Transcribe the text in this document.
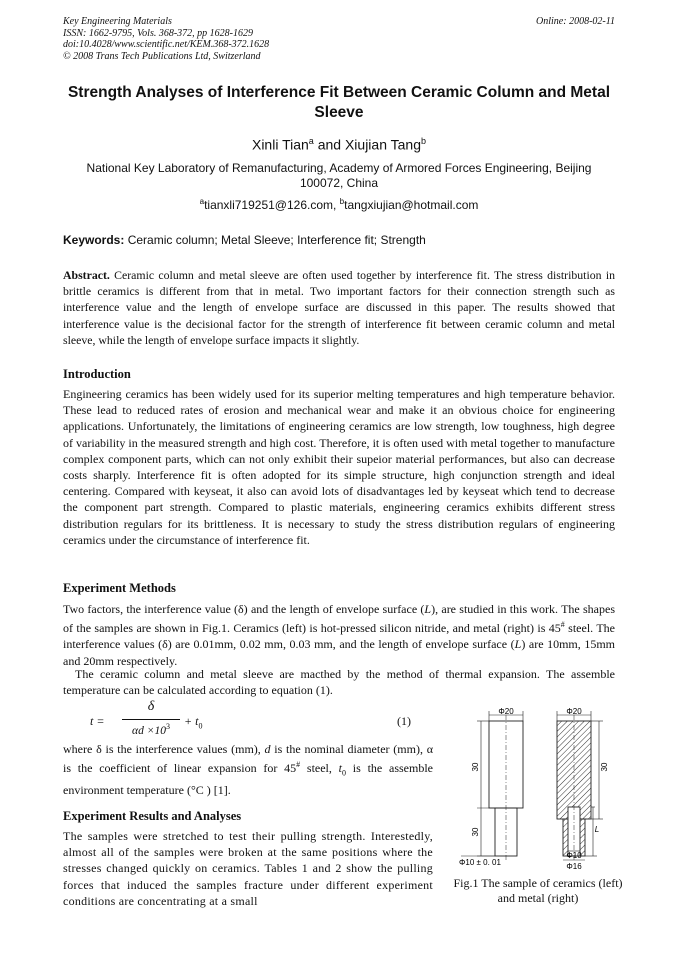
Key Engineering Materials
ISSN: 1662-9795, Vols. 368-372, pp 1628-1629
doi:10.4028/www.scientific.net/KEM.368-372.1628
© 2008 Trans Tech Publications Ltd, Switzerland
Online: 2008-02-11
Strength Analyses of Interference Fit Between Ceramic Column and Metal Sleeve
Xinli Tian$^a$ and Xiujian Tang$^b$
National Key Laboratory of Remanufacturing, Academy of Armored Forces Engineering, Beijing 100072, China
$^a$tianxli719251@126.com, $^b$tangxiujian@hotmail.com
Keywords: Ceramic column; Metal Sleeve; Interference fit; Strength

Abstract. Ceramic column and metal sleeve are often used together by interference fit. The stress distribution in brittle ceramics is different from that in metal. Two important factors for their connection strength such as interference value and the length of envelope surface are discussed in this paper. The results showed that interference value is the decisional factor for the strength of interference fit between ceramic column and metal sleeve, while the length of envelope surface impacts it slightly.

Introduction

Engineering ceramics has been widely used for its superior melting temperatures and high temperature behavior. These lead to reduced rates of erosion and mechanical wear and make it an obvious choice for engineering applications. Unfortunately, the limitations of engineering ceramics are low strength, low toughness, high degree of variability in the measured strength and high cost. Therefore, it is often used with metal together to manufacture complex component parts, which can not only exhibit their supeior material performances, but also can decrease costs sharply. Interference fit is often adopted for its simple structure, high conjunction strength and ideal centering. Compared with keyseat, it also can avoid lots of disadvantages led by keyseat which tend to decrease the component part strength. Compared to plastic materials, engineering ceramics exhibits different stress distribution regulars for its brittleness. It is necessary to study the stress distribution regulars of engineering ceramics under the circumstance of interference fit.

Experiment Methods

Two factors, the interference value (δ) and the length of envelope surface (L), are studied in this work. The shapes of the samples are shown in Fig.1. Ceramics (left) is hot-pressed silicon nitride, and metal (right) is 45# steel. The interference values (δ) are 0.01mm, 0.02 mm, 0.03 mm, and the length of envelope surface (L) are 10mm, 15mm and 20mm respectively.

The ceramic column and metal sleeve are macthed by the method of thermal expansion. The assemble temperature can be calculated according to equation (1).

t =
δ
$\alpha d \times 10^3$	+ $t_0$	(1)

where δ is the interference values (mm), d is the nominal diameter (mm), α is the coefficient of linear expansion for 45# steel, $t_0$ is the assemble environment temperature (°C ) [1].

Experiment Results and Analyses

The samples were stretched to test their pulling strength. Interestedly, almost all of the samples were broken at the same positions where the stresses changed quickly on ceramics. Tables 1 and 2 show the pulling forces that induced the samples fracture under different experiment conditions are concentrating at a small

Φ20
30
30
Φ10 ± 0. 01
Φ20
30
L
Φ10
Φ16
Fig.1 The sample of ceramics (left) and metal (right)
